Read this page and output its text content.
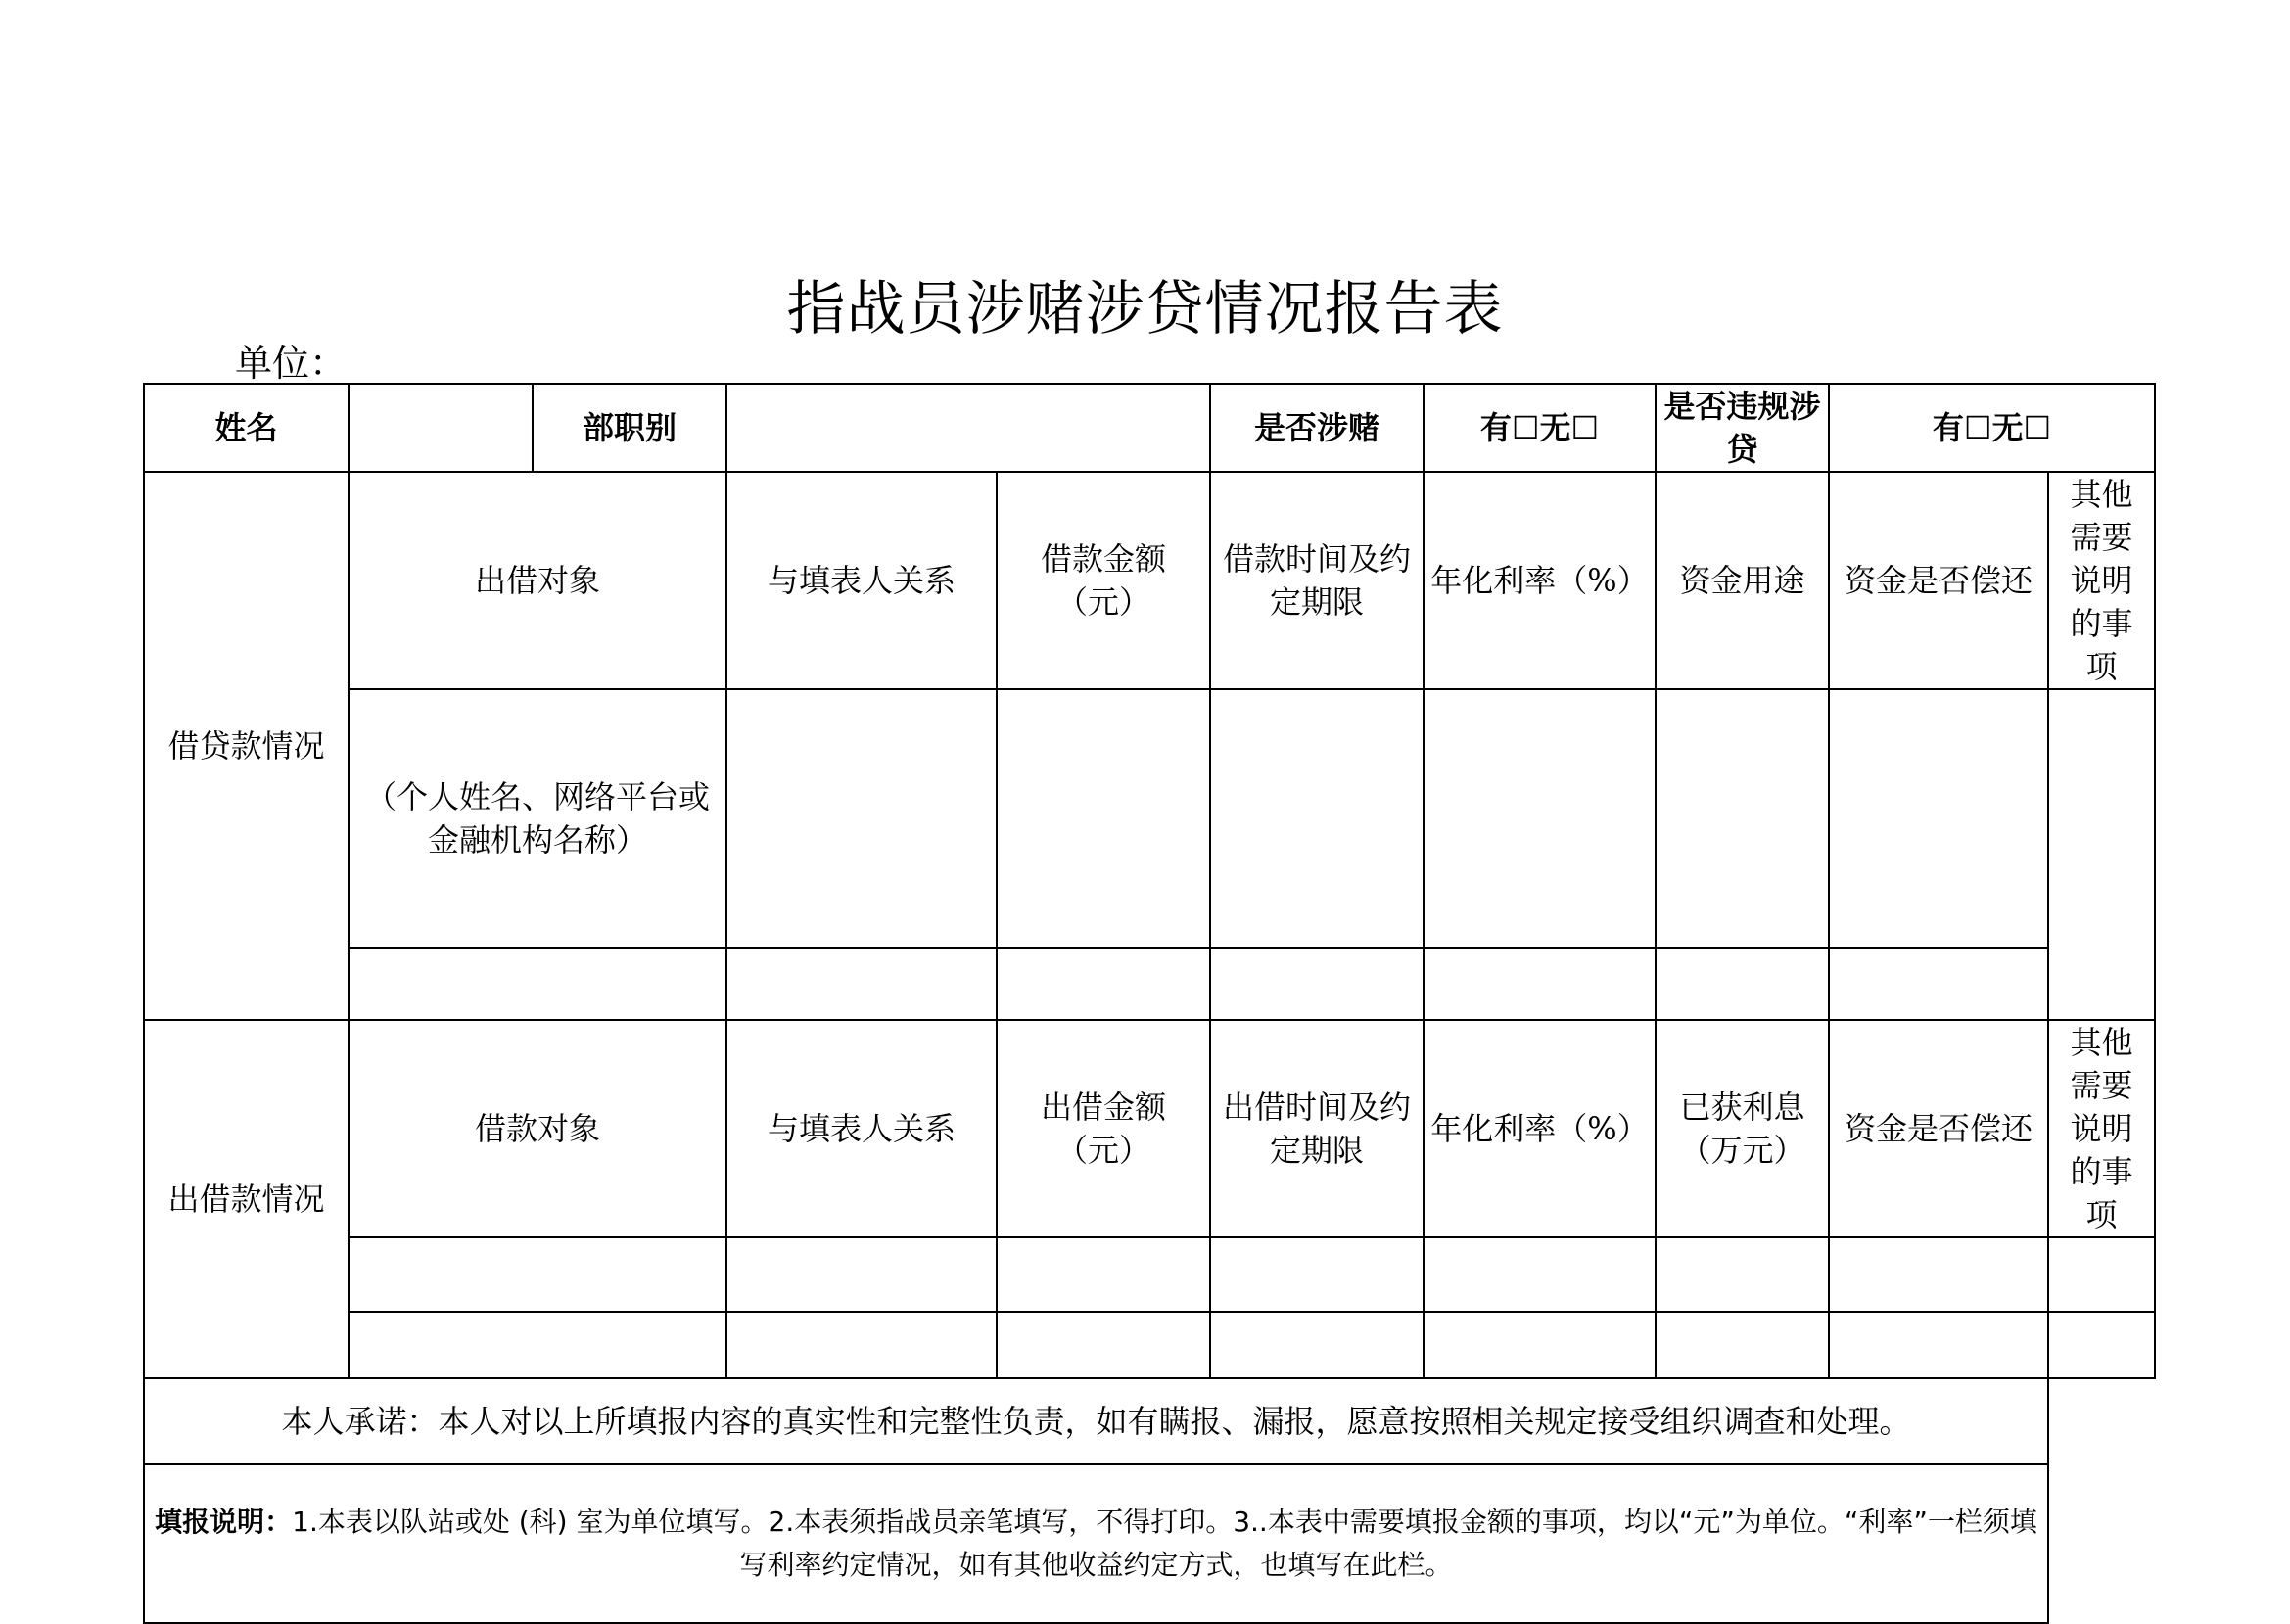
指战员涉赌涉贷情况报告表
单位：
姓名		部职别			是否涉赌	有☐无☐	是否违规涉贷	有☐无☐	
借贷款情况	出借对象		与填表人关系	借款金额（元）	借款时间及约定期限	年化利率（%）	资金用途	资金是否偿还	其他需要说明的事项
	（个人姓名、网络平台或金融机构名称）								

出借款情况	借款对象		与填表人关系	出借金额（元）	出借时间及约定期限	年化利率（%）	已获利息（万元）	资金是否偿还	其他需要说明的事项

本人承诺：本人对以上所填报内容的真实性和完整性负责，如有瞒报、漏报，愿意按照相关规定接受组织调查和处理。									

填报说明：1.本表以队站或处 (科) 室为单位填写。2.本表须指战员亲笔填写，不得打印。3..本表中需要填报金额的事项，均以“元”为单位。“利率”一栏须填写利率约定情况，如有其他收益约定方式，也填写在此栏。									
